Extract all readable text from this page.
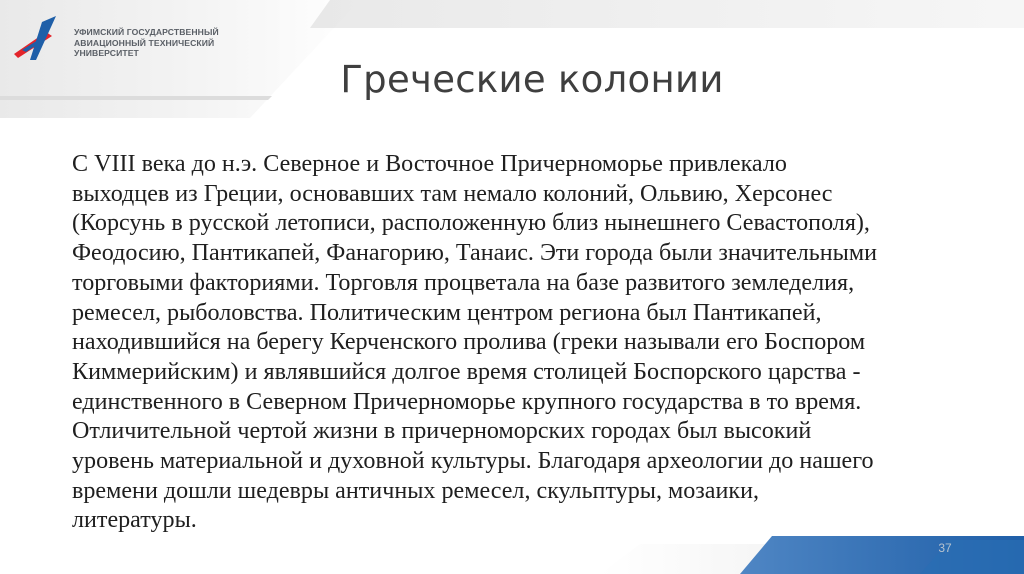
УФИМСКИЙ ГОСУДАРСТВЕННЫЙ
АВИАЦИОННЫЙ ТЕХНИЧЕСКИЙ
УНИВЕРСИТЕТ
Греческие колонии
С VIII века до н.э. Северное и Восточное Причерноморье привлекало
выходцев из Греции, основавших там немало колоний, Ольвию, Херсонес
(Корсунь в русской летописи, расположенную близ нынешнего Севастополя),
Феодосию, Пантикапей, Фанагорию, Танаис. Эти города были значительными
торговыми факториями. Торговля процветала на базе развитого земледелия,
ремесел, рыболовства. Политическим центром региона был Пантикапей,
находившийся на берегу Керченского пролива (греки называли его Боспором
Киммерийским) и являвшийся долгое время столицей Боспорского царства -
единственного в Северном Причерноморье крупного государства в то время.
Отличительной чертой жизни в причерноморских городах был высокий
уровень материальной и духовной культуры. Благодаря археологии до нашего
времени дошли шедевры античных ремесел, скульптуры, мозаики,
литературы.
37
